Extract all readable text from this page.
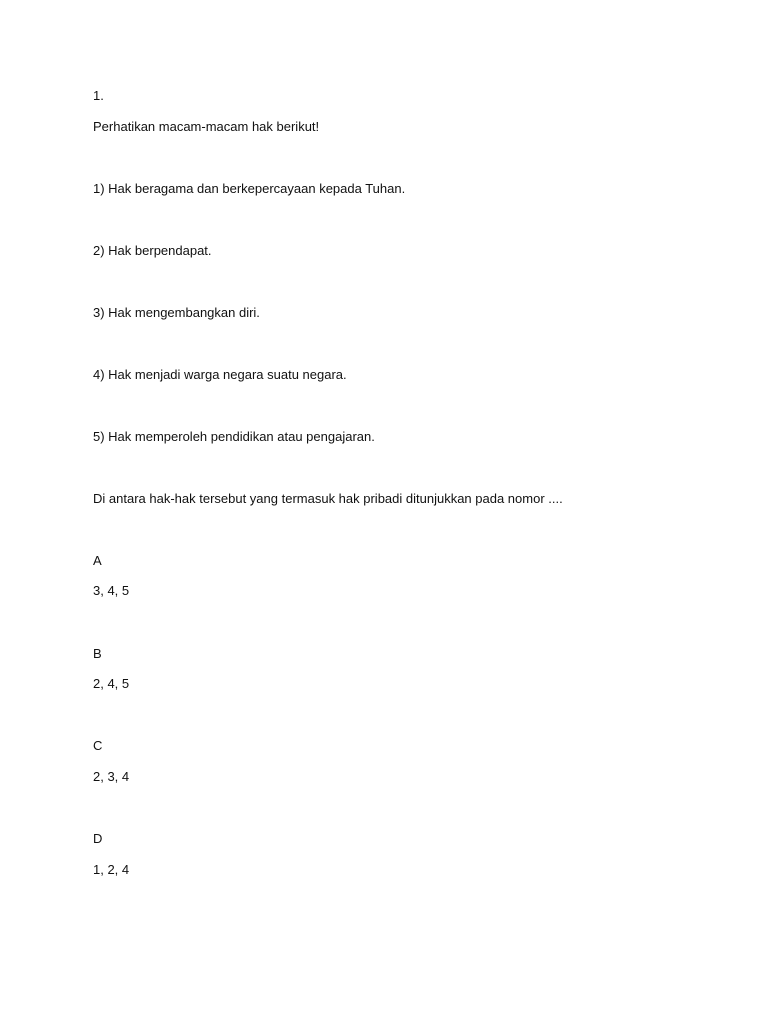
1.
Perhatikan macam-macam hak berikut!
1) Hak beragama dan berkepercayaan kepada Tuhan.
2) Hak berpendapat.
3) Hak mengembangkan diri.
4) Hak menjadi warga negara suatu negara.
5) Hak memperoleh pendidikan atau pengajaran.
Di antara hak-hak tersebut yang termasuk hak pribadi ditunjukkan pada nomor ....
A
3, 4, 5
B
2, 4, 5
C
2, 3, 4
D
1, 2, 4
